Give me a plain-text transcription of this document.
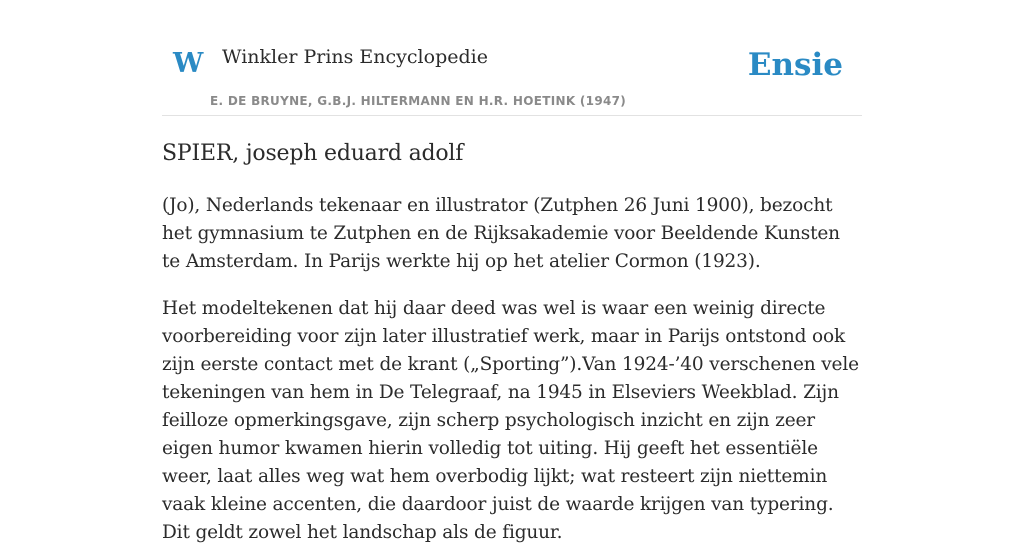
W Winkler Prins Encyclopedie
E. DE BRUYNE, G.B.J. HILTERMANN EN H.R. HOETINK (1947)
Ensie
SPIER, joseph eduard adolf

(Jo), Nederlands tekenaar en illustrator (Zutphen 26 Juni 1900), bezocht het gymnasium te Zutphen en de Rijksakademie voor Beeldende Kunsten te Amsterdam. In Parijs werkte hij op het atelier Cormon (1923).

Het modeltekenen dat hij daar deed was wel is waar een weinig directe voorbereiding voor zijn later illustratief werk, maar in Parijs ontstond ook zijn eerste contact met de krant („Sporting”).Van 1924-’40 verschenen vele tekeningen van hem in De Telegraaf, na 1945 in Elseviers Weekblad. Zijn feilloze opmerkingsgave, zijn scherp psychologisch inzicht en zijn zeer eigen humor kwamen hierin volledig tot uiting. Hij geeft het essentiële weer, laat alles weg wat hem overbodig lijkt; wat resteert zijn niettemin vaak kleine accenten, die daardoor juist de waarde krijgen van typering. Dit geldt zowel het landschap als de figuur.
